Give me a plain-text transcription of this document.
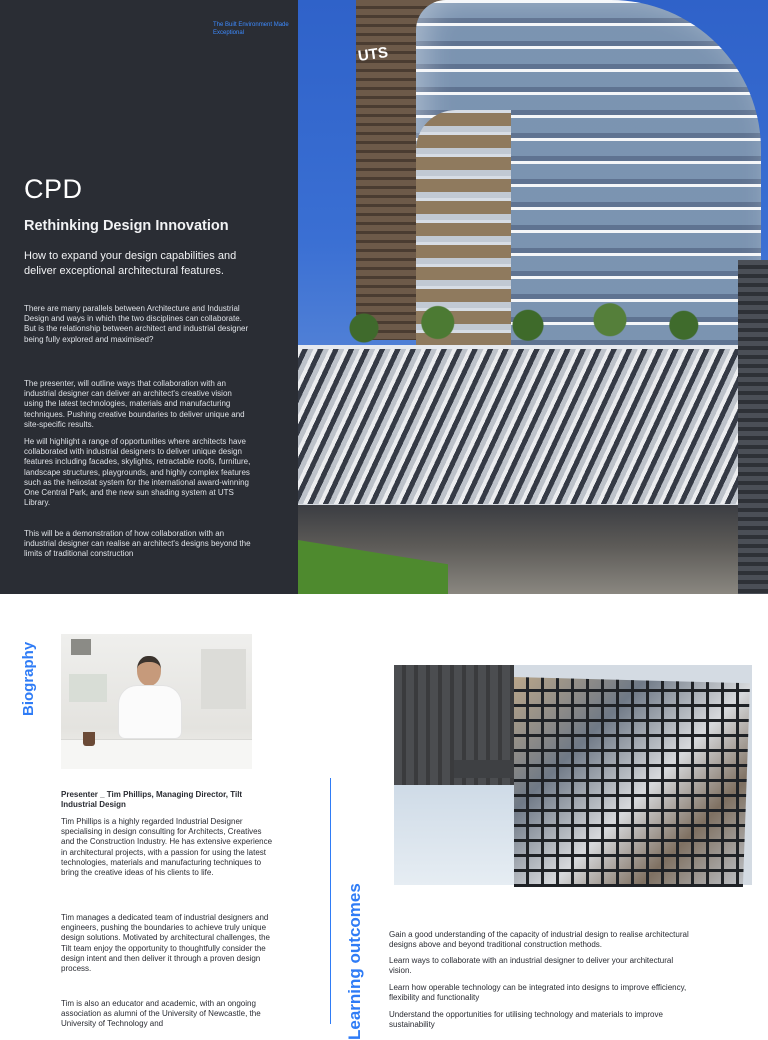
The Built Environment Made Exceptional
CPD
Rethinking Design Innovation

How to expand your design capabilities and deliver exceptional architectural features.

There are many parallels between Architecture and Industrial Design and ways in which the two disciplines can collaborate. But is the relationship between architect and industrial designer being fully explored and maximised?

The presenter, will outline ways that collaboration with an industrial designer can deliver an architect's creative vision using the latest technologies, materials and manufacturing techniques. Pushing creative boundaries to deliver unique and site-specific results.

He will highlight a range of opportunities where architects have collaborated with industrial designers to deliver unique design features including facades, skylights, retractable roofs, furniture, landscape structures, playgrounds, and highly complex features such as the heliostat system for the international award-winning One Central Park, and the new sun shading system at UTS Library.

This will be a demonstration of how collaboration with an industrial designer can realise an architect's designs beyond the limits of traditional construction

UTS
Biography

Presenter _ Tim Phillips, Managing Director, Tilt Industrial Design

Tim Phillips is a highly regarded Industrial Designer specialising in design consulting for Architects, Creatives and the Construction Industry. He has extensive experience in architectural projects, with a passion for using the latest technologies, materials and manufacturing techniques to bring the creative ideas of his clients to life.

Tim manages a dedicated team of industrial designers and engineers, pushing the boundaries to achieve truly unique design solutions. Motivated by architectural challenges, the Tilt team enjoy the opportunity to thoughtfully consider the design intent and then deliver it through a proven design process.

Tim is also an educator and academic, with an ongoing association as alumni of the University of Newcastle, the University of Technology and	Learning outcomes	Gain a good understanding of the capacity of industrial design to realise architectural designs above and beyond traditional construction methods.

Learn ways to collaborate with an industrial designer to deliver your architectural vision.

Learn how operable technology can be integrated into designs to improve efficiency, flexibility and functionality

Understand the opportunities for utilising technology and materials to improve sustainability
